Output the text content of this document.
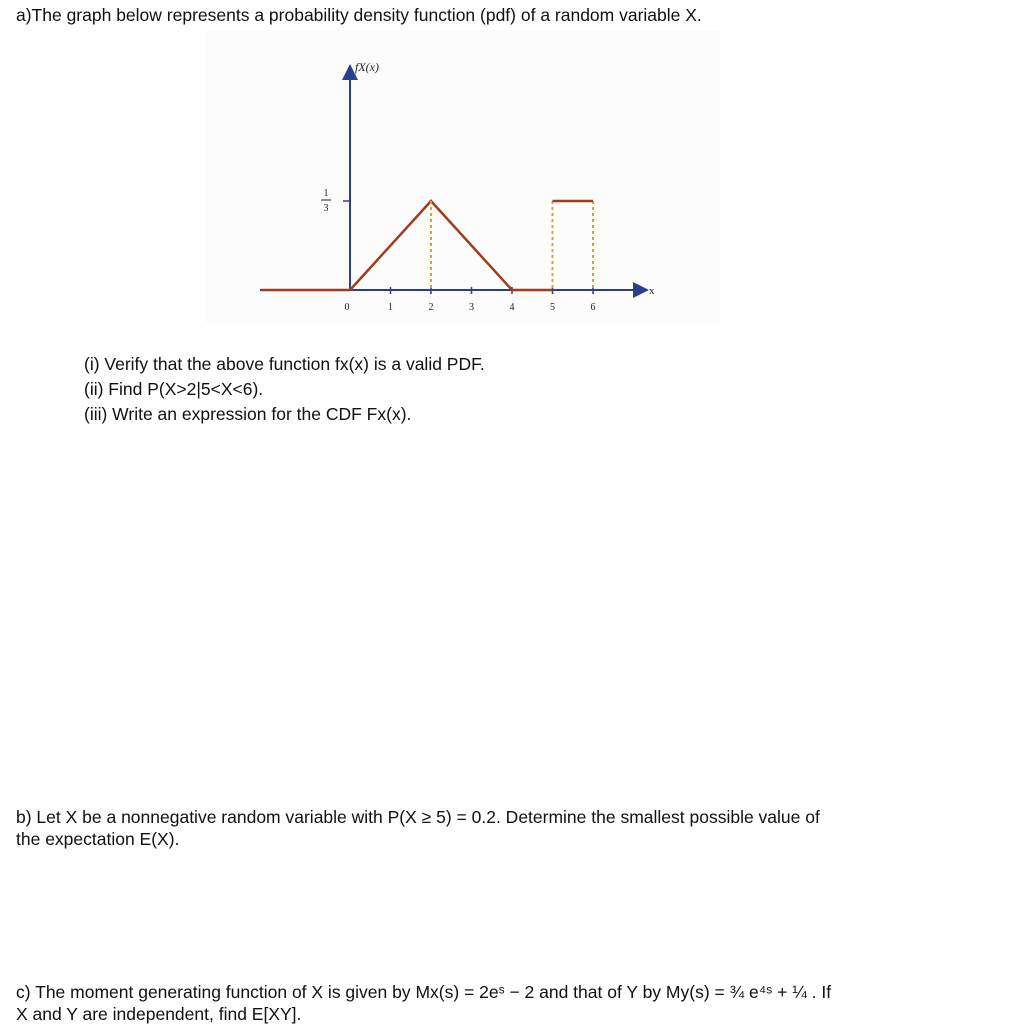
a)The graph below represents a probability density function (pdf) of a random variable X.
fX(x)
1
3
x
0	1	2	3	4	5	6
(i) Verify that the above function fx(x) is a valid PDF.
(ii) Find P(X>2|5<X<6).
(iii) Write an expression for the CDF Fx(x).
b) Let X be a nonnegative random variable with P(X ≥ 5) = 0.2. Determine the smallest possible value of
the expectation E(X).
c) The moment generating function of X is given by Mx(s) = 2eˢ − 2 and that of Y by My(s) = ¾ e⁴ˢ + ¼ . If
X and Y are independent, find E[XY].
